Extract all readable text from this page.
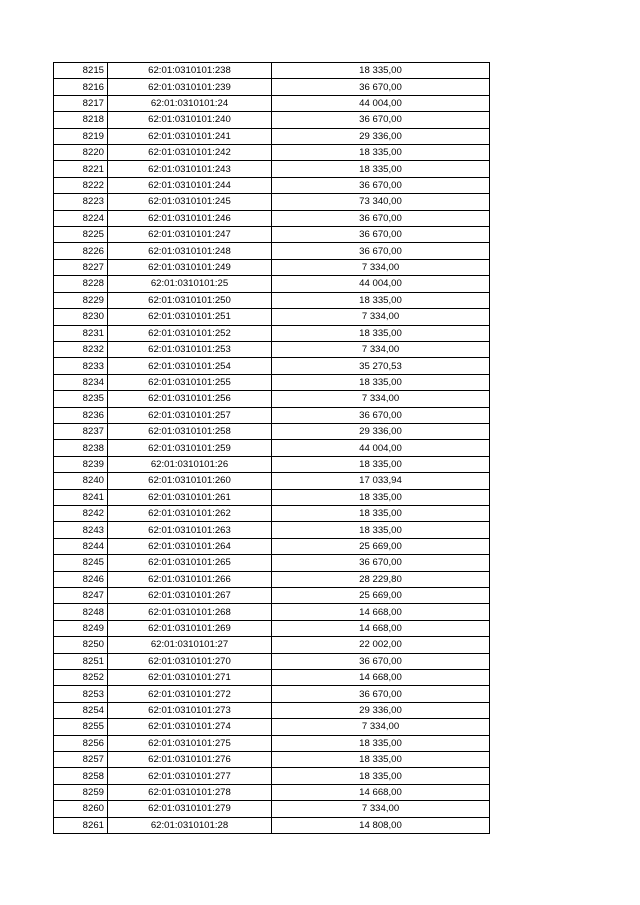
8215	62:01:0310101:238	18 335,00
8216	62:01:0310101:239	36 670,00
8217	62:01:0310101:24	44 004,00
8218	62:01:0310101:240	36 670,00
8219	62:01:0310101:241	29 336,00
8220	62:01:0310101:242	18 335,00
8221	62:01:0310101:243	18 335,00
8222	62:01:0310101:244	36 670,00
8223	62:01:0310101:245	73 340,00
8224	62:01:0310101:246	36 670,00
8225	62:01:0310101:247	36 670,00
8226	62:01:0310101:248	36 670,00
8227	62:01:0310101:249	7 334,00
8228	62:01:0310101:25	44 004,00
8229	62:01:0310101:250	18 335,00
8230	62:01:0310101:251	7 334,00
8231	62:01:0310101:252	18 335,00
8232	62:01:0310101:253	7 334,00
8233	62:01:0310101:254	35 270,53
8234	62:01:0310101:255	18 335,00
8235	62:01:0310101:256	7 334,00
8236	62:01:0310101:257	36 670,00
8237	62:01:0310101:258	29 336,00
8238	62:01:0310101:259	44 004,00
8239	62:01:0310101:26	18 335,00
8240	62:01:0310101:260	17 033,94
8241	62:01:0310101:261	18 335,00
8242	62:01:0310101:262	18 335,00
8243	62:01:0310101:263	18 335,00
8244	62:01:0310101:264	25 669,00
8245	62:01:0310101:265	36 670,00
8246	62:01:0310101:266	28 229,80
8247	62:01:0310101:267	25 669,00
8248	62:01:0310101:268	14 668,00
8249	62:01:0310101:269	14 668,00
8250	62:01:0310101:27	22 002,00
8251	62:01:0310101:270	36 670,00
8252	62:01:0310101:271	14 668,00
8253	62:01:0310101:272	36 670,00
8254	62:01:0310101:273	29 336,00
8255	62:01:0310101:274	7 334,00
8256	62:01:0310101:275	18 335,00
8257	62:01:0310101:276	18 335,00
8258	62:01:0310101:277	18 335,00
8259	62:01:0310101:278	14 668,00
8260	62:01:0310101:279	7 334,00
8261	62:01:0310101:28	14 808,00
